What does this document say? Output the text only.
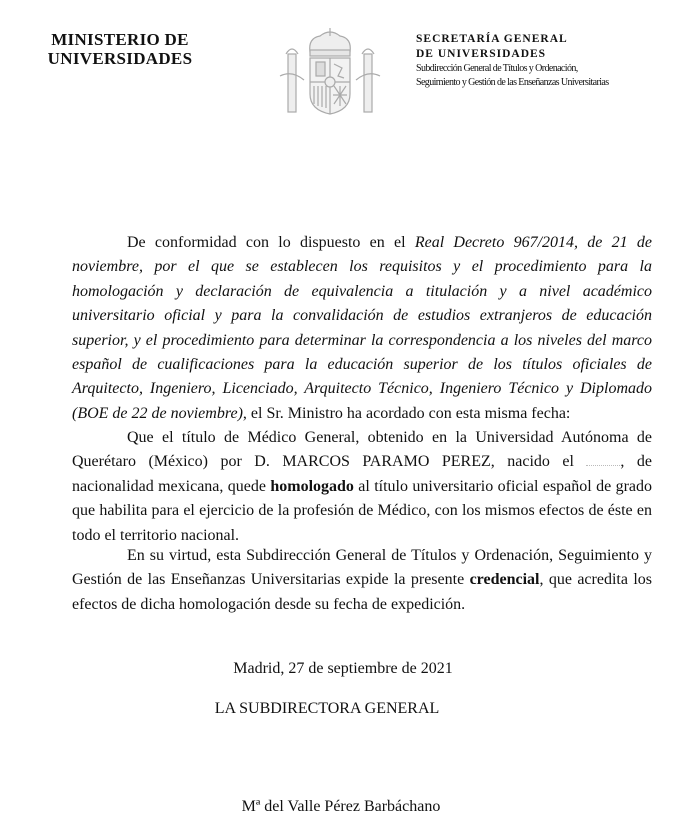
MINISTERIO DE
UNIVERSIDADES
SECRETARÍA GENERAL
DE UNIVERSIDADES
Subdirección General de Títulos y Ordenación,
Seguimiento y Gestión de las Enseñanzas Universitarias
De conformidad con lo dispuesto en el Real Decreto 967/2014, de 21 de noviembre, por el que se establecen los requisitos y el procedimiento para la homologación y declaración de equivalencia a titulación y a nivel académico universitario oficial y para la convalidación de estudios extranjeros de educación superior, y el procedimiento para determinar la correspondencia a los niveles del marco español de cualificaciones para la educación superior de los títulos oficiales de Arquitecto, Ingeniero, Licenciado, Arquitecto Técnico, Ingeniero Técnico y Diplomado (BOE de 22 de noviembre), el Sr. Ministro ha acordado con esta misma fecha:
Que el título de Médico General, obtenido en la Universidad Autónoma de Querétaro (México) por D. MARCOS PARAMO PEREZ, nacido el , de nacionalidad mexicana, quede homologado al título universitario oficial español de grado que habilita para el ejercicio de la profesión de Médico, con los mismos efectos de éste en todo el territorio nacional.
En su virtud, esta Subdirección General de Títulos y Ordenación, Seguimiento y Gestión de las Enseñanzas Universitarias expide la presente credencial, que acredita los efectos de dicha homologación desde su fecha de expedición.
Madrid, 27 de septiembre de 2021
LA SUBDIRECTORA GENERAL
Mª del Valle Pérez Barbáchano
